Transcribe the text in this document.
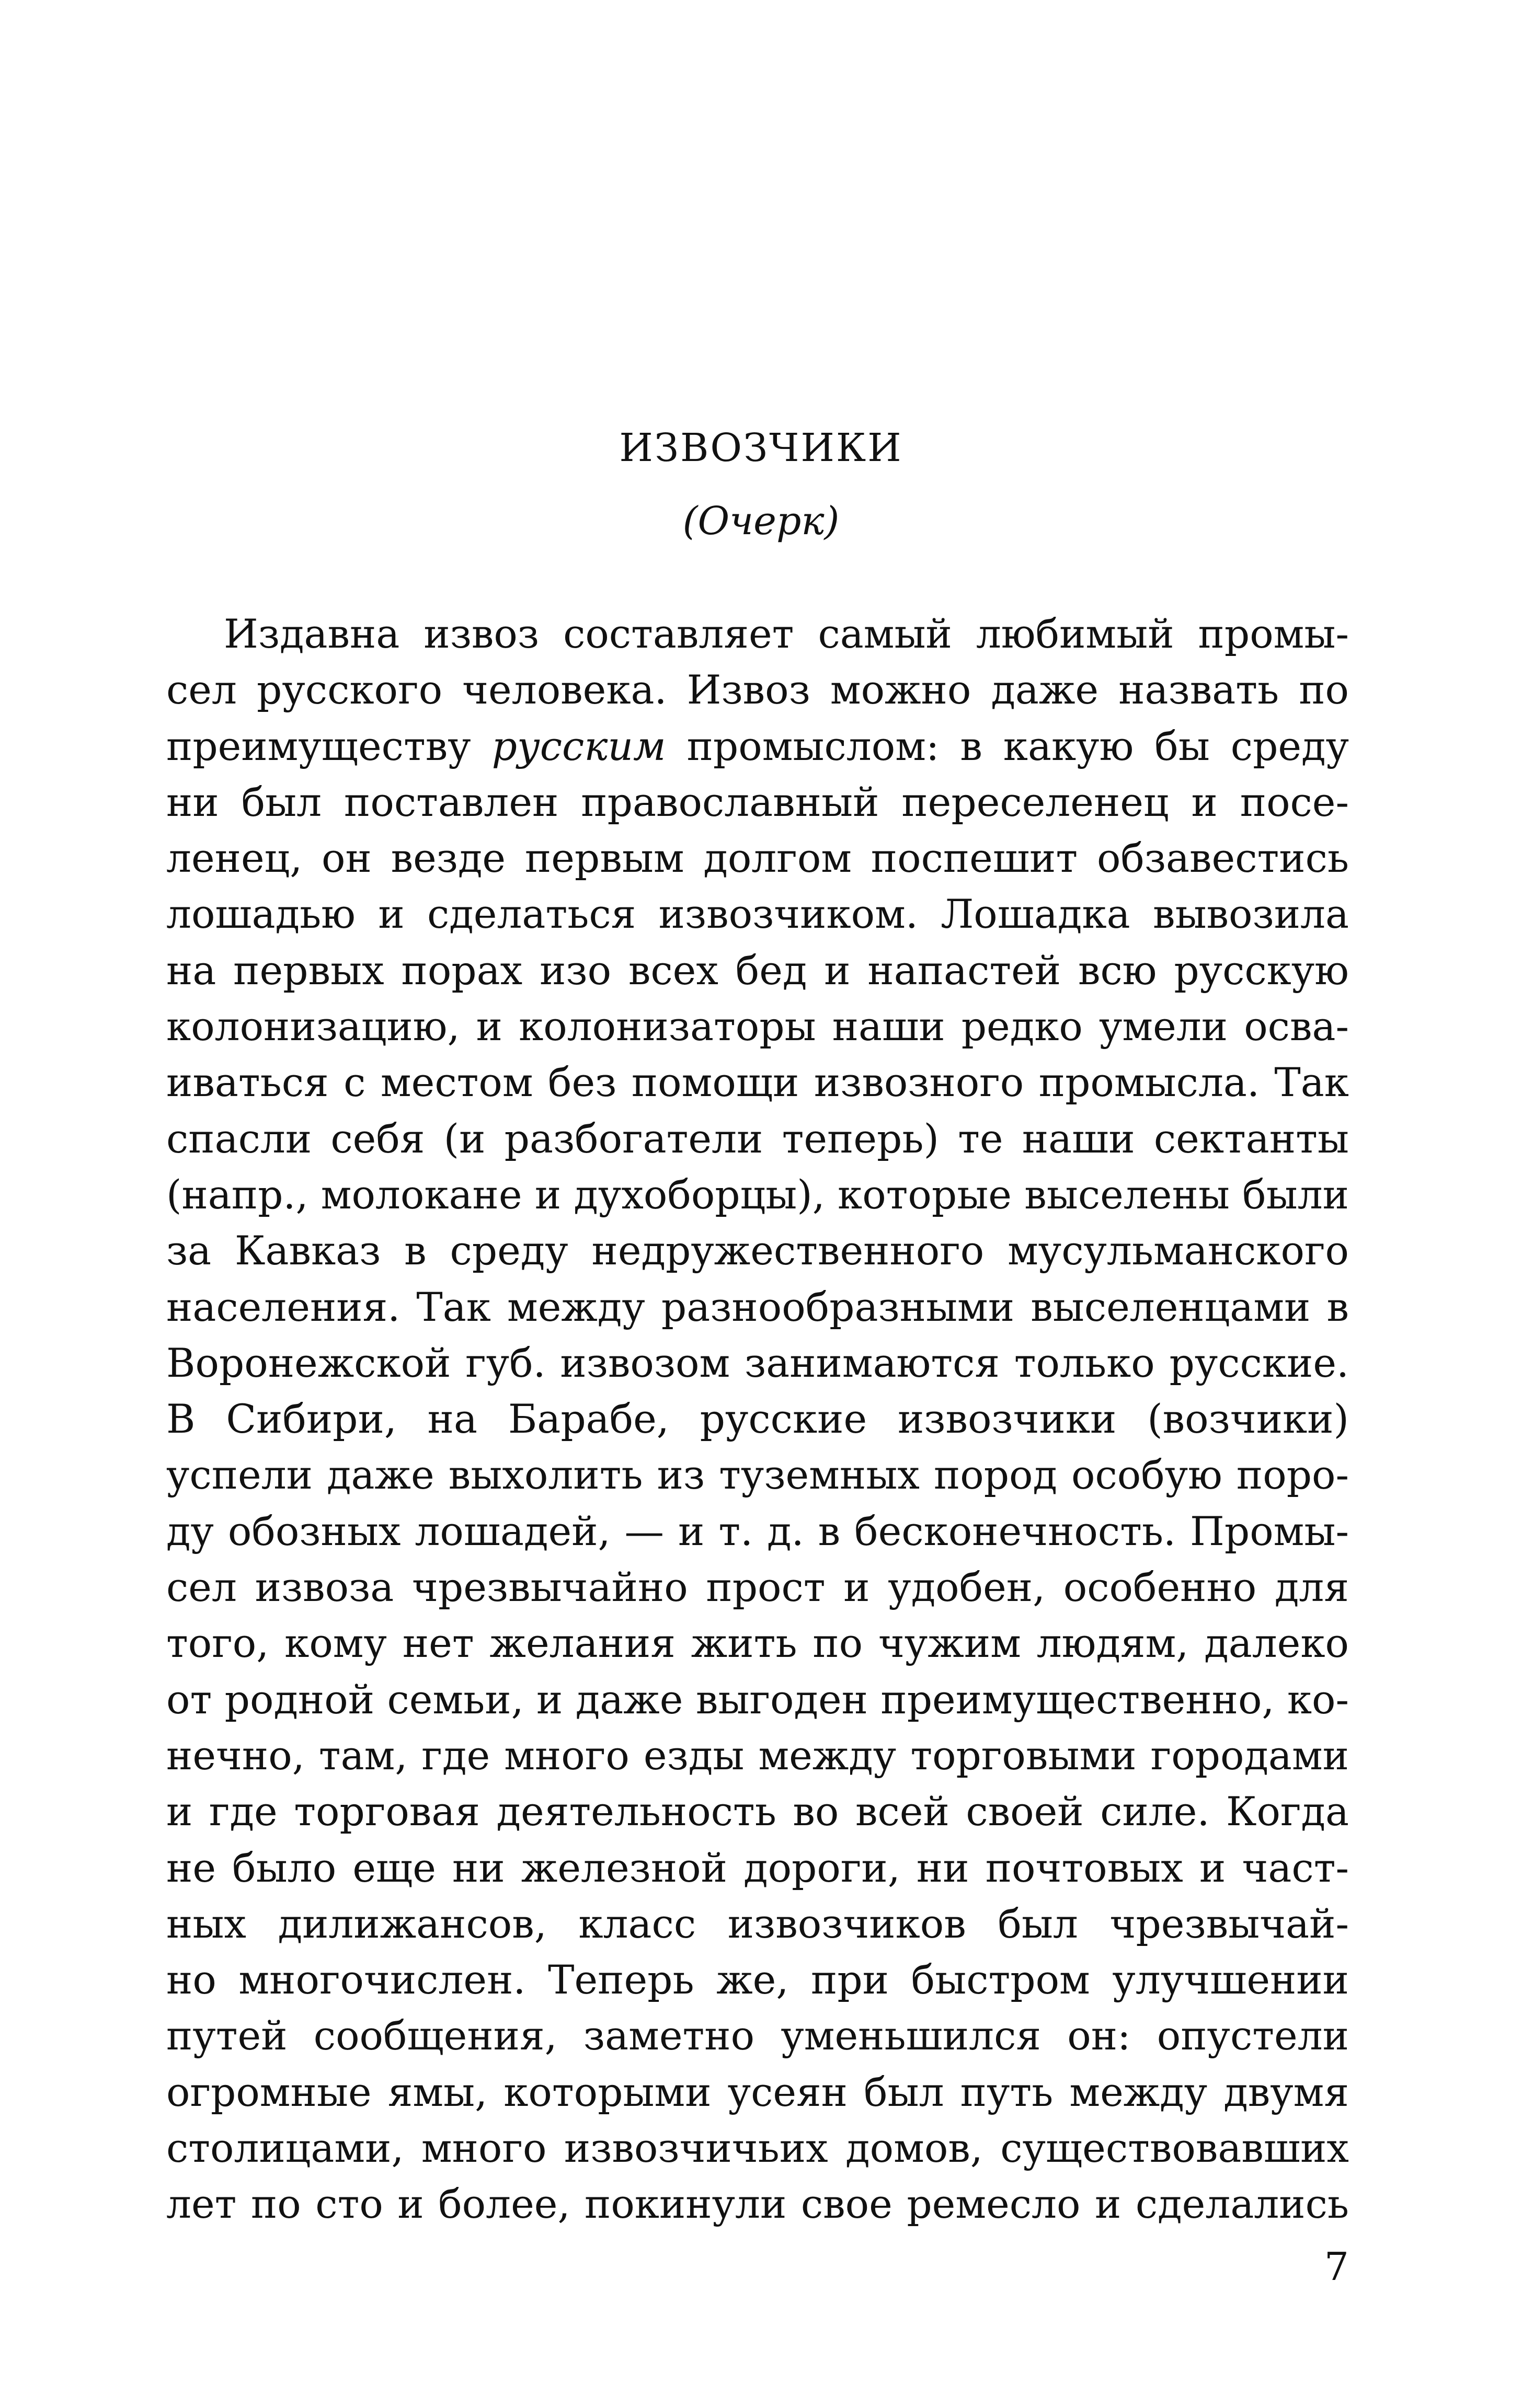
ИЗВОЗЧИКИ

(Очерк)

Издавна извоз составляет самый любимый промы-
сел русского человека. Извоз можно даже назвать по
преимуществу русским промыслом: в какую бы среду
ни был поставлен православный переселенец и посе-
ленец, он везде первым долгом поспешит обзавестись
лошадью и сделаться извозчиком. Лошадка вывозила
на первых порах изо всех бед и напастей всю русскую
колонизацию, и колонизаторы наши редко умели осва-
иваться с местом без помощи извозного промысла. Так
спасли себя (и разбогатели теперь) те наши сектанты
(напр., молокане и духоборцы), которые выселены были
за Кавказ в среду недружественного мусульманского
населения. Так между разнообразными выселенцами в
Воронежской губ. извозом занимаются только русские.
В Сибири, на Барабе, русские извозчики (возчики)
успели даже выхолить из туземных пород особую поро-
ду обозных лошадей, — и т. д. в бесконечность. Промы-
сел извоза чрезвычайно прост и удобен, особенно для
того, кому нет желания жить по чужим людям, далеко
от родной семьи, и даже выгоден преимущественно, ко-
нечно, там, где много езды между торговыми городами
и где торговая деятельность во всей своей силе. Когда
не было еще ни железной дороги, ни почтовых и част-
ных дилижансов, класс извозчиков был чрезвычай-
но многочислен. Теперь же, при быстром улучшении
путей сообщения, заметно уменьшился он: опустели
огромные ямы, которыми усеян был путь между двумя
столицами, много извозчичьих домов, существовавших
лет по сто и более, покинули свое ремесло и сделались

7
